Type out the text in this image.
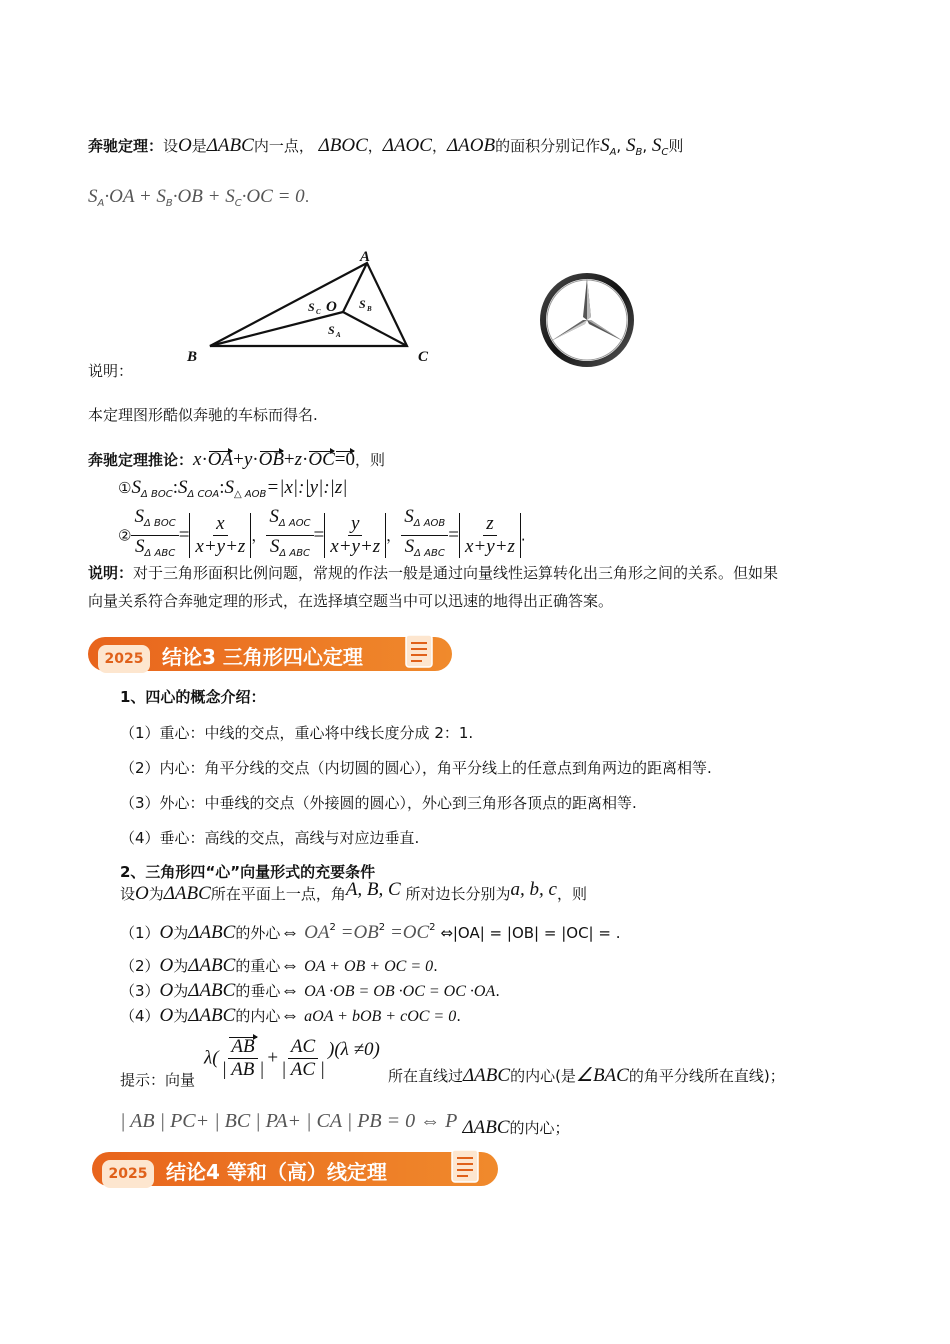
奔驰定理：设O是ΔABC内一点， ΔBOC，ΔAOC，ΔAOB的面积分别记作$S_A$, $S_B$, $S_C$则
$S_A\cdot OA + S_B\cdot OB + S_C\cdot OC = 0$.
A
B	C
O
S C
S B
S A
说明：
本定理图形酷似奔驰的车标而得名.
奔驰定理推论：x·OA+y·OB+z·OC=0，则
$①S_{\Delta BOC}:S_{\Delta COA}:S_{\triangle AOB}=|x|:|y|:|z|$
② $\frac{S_{\Delta BOC}}{S_{\Delta ABC}} = \frac{x}{x+y+z}$ ， $\frac{S_{\Delta AOC}}{S_{\Delta ABC}} = \frac{y}{x+y+z}$ ， $\frac{S_{\Delta AOB}}{S_{\Delta ABC}} = \frac{z}{x+y+z}$ .
说明：对于三角形面积比例问题，常规的作法一般是通过向量线性运算转化出三角形之间的关系。但如果
向量关系符合奔驰定理的形式，在选择填空题当中可以迅速的地得出正确答案。
2025 结论3 三角形四心定理
1、四心的概念介绍：
（1）重心：中线的交点，重心将中线长度分成 2：1.
（2）内心：角平分线的交点（内切圆的圆心），角平分线上的任意点到角两边的距离相等.
（3）外心：中垂线的交点（外接圆的圆心），外心到三角形各顶点的距离相等.
（4）垂心：高线的交点，高线与对应边垂直.
2、三角形四“心”向量形式的充要条件
设O为ΔABC所在平面上一点，角A, B, C 所对边长分别为a, b, c，则
（1）O为ΔABC的外心⇔ $OA^2 =OB^2 =OC^2$ ⇔|OA| = |OB| = |OC| = .
（2）O为ΔABC的重心⇔ OA + OB + OC = 0.
（3）O为ΔABC的垂心⇔ OA ·OB = OB ·OC = OC ·OA.
（4）O为ΔABC的内心⇔ aOA + bOB + cOC = 0.
$\lambda( \frac{AB}{| AB |} + \frac{AC}{| AC |} )(\lambda \ne 0)$
提示：向量	所在直线过ΔABC的内心(是∠BAC的角平分线所在直线)；
| AB | PC+ | BC | PA+ | CA | PB = 0 ⇔ P ΔABC的内心；
2025 结论4 等和（高）线定理
